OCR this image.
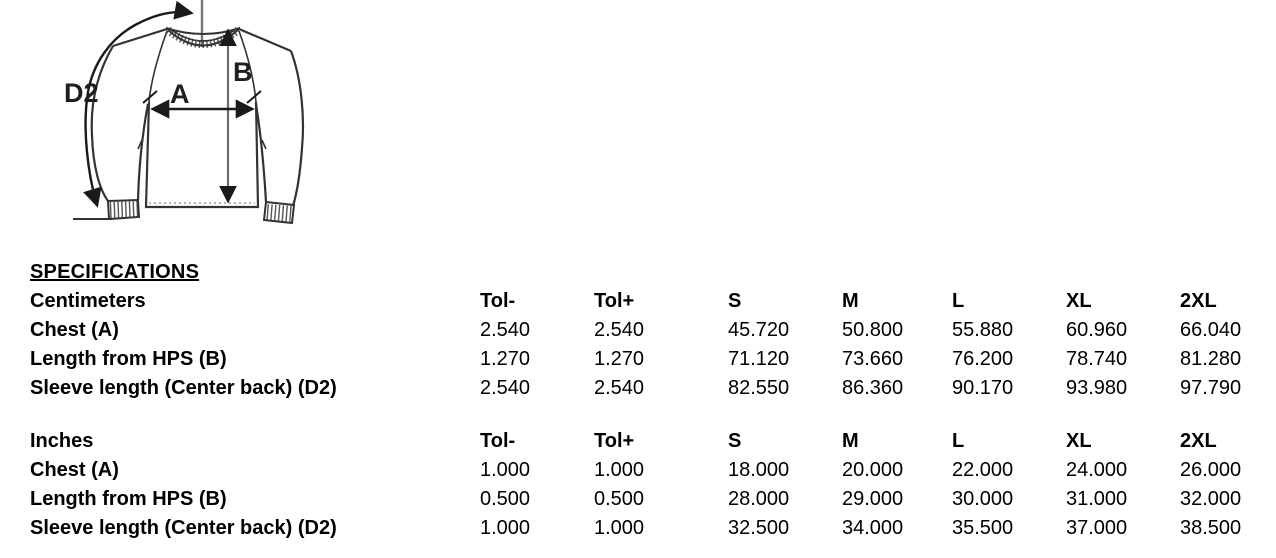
D2	A
B
SPECIFICATIONS
Centimeters	Tol-	Tol+	S	M	L	XL	2XL
Chest (A)	2.540	2.540	45.720	50.800	55.880	60.960	66.040
Length from HPS (B)	1.270	1.270	71.120	73.660	76.200	78.740	81.280
Sleeve length (Center back) (D2)	2.540	2.540	82.550	86.360	90.170	93.980	97.790
Inches	Tol-	Tol+	S	M	L	XL	2XL
Chest (A)	1.000	1.000	18.000	20.000	22.000	24.000	26.000
Length from HPS (B)	0.500	0.500	28.000	29.000	30.000	31.000	32.000
Sleeve length (Center back) (D2)	1.000	1.000	32.500	34.000	35.500	37.000	38.500
